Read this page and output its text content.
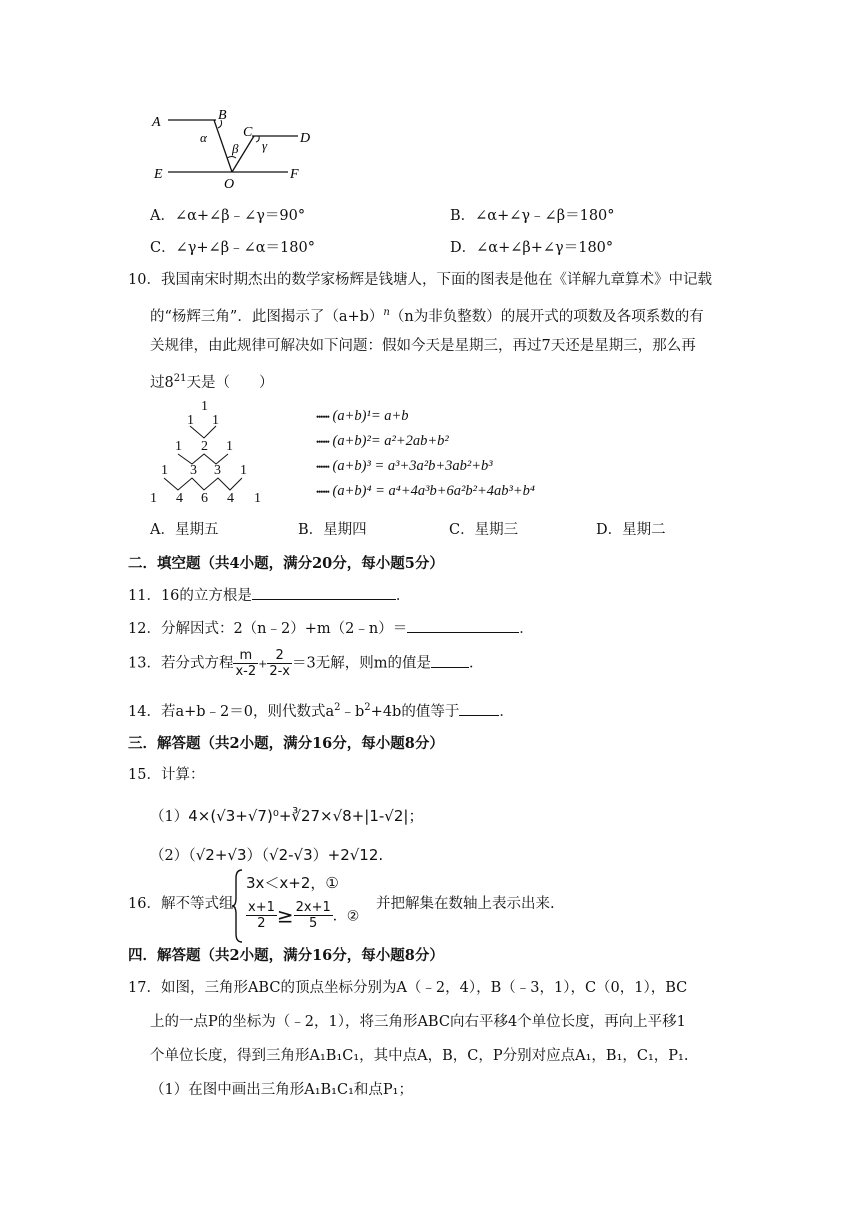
A	B
C	D
E	F
O
α
β γ
A．∠α+∠β﹣∠γ＝90°	B．∠α+∠γ﹣∠β＝180°
C．∠γ+∠β﹣∠α＝180°	D．∠α+∠β+∠γ＝180°
10．我国南宋时期杰出的数学家杨辉是钱塘人，下面的图表是他在《详解九章算术》中记载
的“杨辉三角”．此图揭示了$(a+b)^n(n$为非负整数）的展开式的项数及各项系数的有
关规律，由此规律可解决如下问题：假如今天是星期三，再过7天还是星期三，那么再
过$8^{21}$天是（　　）
1
1 1
1 2 1
1 3 3 1
1 4 6 4 1
•••••• (a+b)¹= a+b
•••••• (a+b)²= a²+2ab+b²
•••••• (a+b)³ = a³+3a²b+3ab²+b³
•••••• (a+b)⁴ = a⁴+4a³b+6a²b²+4ab³+b⁴
A．星期五	B．星期四	C．星期三	D．星期二
二．填空题（共4小题，满分20分，每小题5分）
11．16的立方根是	．
12．分解因式：2（n﹣2）+m（2﹣n）＝	．
13．若分式方程 $\frac{m}{x-2} + \frac{2}{2-x} =3$无解，则m的值是	．
14．若a+b﹣2＝0，则代数式$a^2﹣b^2+4b$的值等于	．
三．解答题（共2小题，满分16分，每小题8分）
15．计算：
（1）4×(√3+√7)⁰+∛27×√8+|1-√2|；
（2）（√2+√3）（√2-√3）+2√12.
16．解不等式组
3x＜x+2，①
$\frac{x+1}{2} \ge \frac{2x+1}{5}$ ．②
并把解集在数轴上表示出来.
四．解答题（共2小题，满分16分，每小题8分）
17．如图，三角形ABC的顶点坐标分别为A（﹣2，4），B（﹣3，1），C（0，1），BC
上的一点P的坐标为（﹣2，1），将三角形ABC向右平移4个单位长度，再向上平移1
个单位长度，得到三角形A₁B₁C₁，其中点A，B，C，P分别对应点A₁，B₁，C₁，P₁.
（1）在图中画出三角形A₁B₁C₁和点P₁；
